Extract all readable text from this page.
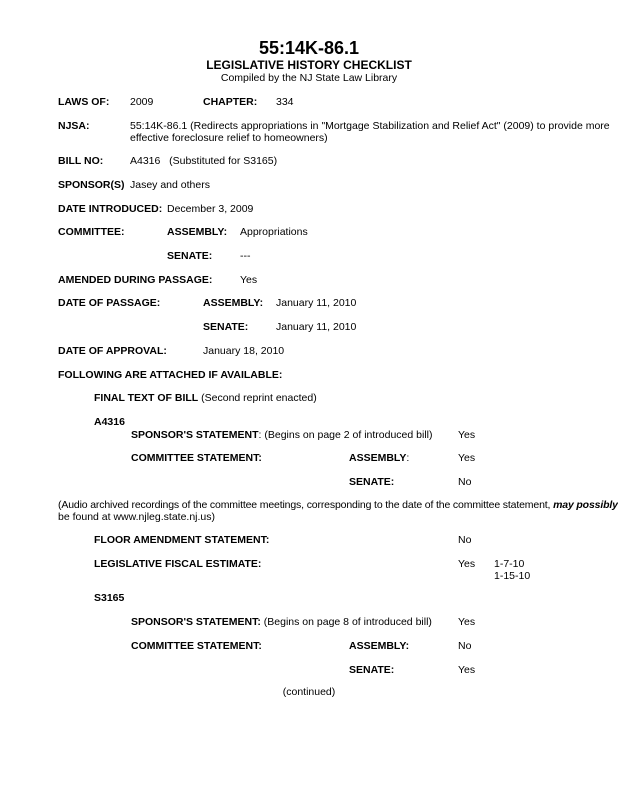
55:14K-86.1
LEGISLATIVE HISTORY CHECKLIST
Compiled by the NJ State Law Library
LAWS OF: 2009	CHAPTER: 334
NJSA:	55:14K-86.1 (Redirects appropriations in "Mortgage Stabilization and Relief Act" (2009) to provide more
effective foreclosure relief to homeowners)
BILL NO:	A4316   (Substituted for S3165)
SPONSOR(S) Jasey and others
DATE INTRODUCED: December 3, 2009
COMMITTEE:	ASSEMBLY: Appropriations
SENATE:	---
AMENDED DURING PASSAGE:	Yes
DATE OF PASSAGE:	ASSEMBLY: January 11, 2010
SENATE:	January 11, 2010
DATE OF APPROVAL:	January 18, 2010
FOLLOWING ARE ATTACHED IF AVAILABLE:
FINAL TEXT OF BILL (Second reprint enacted)
A4316
SPONSOR'S STATEMENT: (Begins on page 2 of introduced bill) Yes
COMMITTEE STATEMENT:	ASSEMBLY:	Yes
SENATE:	No
(Audio archived recordings of the committee meetings, corresponding to the date of the committee statement, may possibly
be found at www.njleg.state.nj.us)
FLOOR AMENDMENT STATEMENT:	No
LEGISLATIVE FISCAL ESTIMATE:	Yes 1-7-10
1-15-10
S3165
SPONSOR'S STATEMENT: (Begins on page 8 of introduced bill) Yes
COMMITTEE STATEMENT:	ASSEMBLY:	No
SENATE:	Yes
(continued)
